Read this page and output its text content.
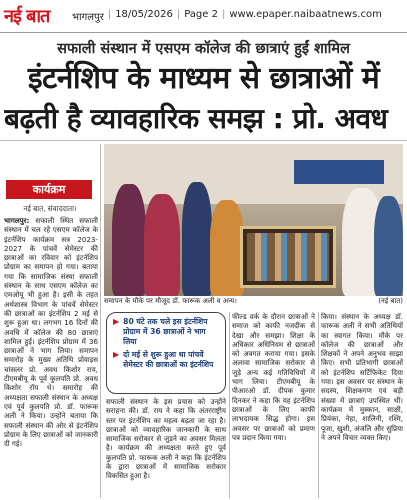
नई बात भागलपुर | 18/05/2026 | Page 2 | www.epaper.naibaatnews.com
सफाली संस्थान में एसएम कॉलेज की छात्राएं हुईं शामिल
इंटर्नशिप के माध्यम से छात्राओं में
बढ़ती है व्यावहारिक समझ : प्रो. अवध
कार्यक्रम
नई बात, संवाददाता।
भागलपुर: सफाली स्थित सफाली संस्थान में चल रहे एसएम कॉलेज के इंटर्नशिप कार्यक्रम सत्र 2023-2027 के पांचवें सेमेस्टर की छात्राओं का रविवार को इंटर्नशिप प्रोग्राम का समापन हो गया। बताया गया कि सामाजिक संस्था सफाली संस्थान के साथ एसएम कॉलेज का एमओयू भी हुआ है। इसी के तहत अर्थशास्त्र विभाग के पांचवें सेमेस्टर की छात्राओं का इंटर्नशिप 2 मई से शुरू हुआ था। लगभग 16 दिनों की अवधि में कॉलेज की 80 छात्राएं शामिल हुईं। इंटर्नशिप प्रोग्राम में 36 छात्राओं ने भाग लिया। समापन समारोह के मुख्य अतिथि प्रोवाइस चांसलर प्रो. अवध किशोर राय, टीएमबीयू के पूर्व कुलपति प्रो. अवध किशोर रॉय थे। समारोह की अध्यक्षता सफाली संस्थान के अध्यक्ष एवं पूर्व कुलपति प्रो. डॉ. फारूक अली ने किया। उन्होंने बताया कि सफाली संस्थान की ओर से इंटर्नशिप प्रोग्राम के लिए छात्राओं को जानकारी दी गई।
समापन के मौके पर मौजूद डॉ. फारूक अली व अन्य।	(नई बात)
▶ 80 घंटे तक चले इस इंटर्नशिप प्रोग्राम में 36 छात्राओं ने भाग लिया
▶ दो मई से शुरू हुआ था पांचवें सेमेस्टर की छात्राओं का इंटर्नशिप
सफाली संस्थान के इस प्रयास को उन्होंने सराहना की। डॉ. राय ने कहा कि अंतरराष्ट्रीय स्तर पर इंटर्नशिप का महत्व बढ़ता जा रहा है। छात्राओं को व्यावहारिक जानकारी के साथ सामाजिक सरोकार से जुड़ने का अवसर मिलता है। कार्यक्रम की अध्यक्षता करते हुए पूर्व कुलपति प्रो. फारूक अली ने कहा कि इंटर्नशिप के द्वारा छात्राओं में सामाजिक सरोकार विकसित हुआ है।
फील्ड वर्क के दौरान छात्राओं ने समाज को काफी नजदीक से देखा और समझा। शिक्षा के अधिकार अधिनियम से छात्राओं को अवगत कराया गया। इसके अलावा सामाजिक सरोकार से जुड़े अन्य कई गतिविधियों में भाग लिया। टीएमबीयू के पीआरओ डॉ. दीपक कुमार दिनकर ने कहा कि यह इंटर्नशिप छात्राओं के लिए काफी लाभदायक सिद्ध होगा। इस अवसर पर छात्राओं को प्रमाण पत्र प्रदान किया गया।
किया। संस्थान के अध्यक्ष डॉ. फारूक अली ने सभी अतिथियों का स्वागत किया। मौके पर कॉलेज की छात्राओं और शिक्षकों ने अपने अनुभव साझा किए। सभी प्रतिभागी छात्राओं को इंटर्नशिप सर्टिफिकेट दिया गया। इस अवसर पर संस्थान के सदस्य, शिक्षकगण एवं बड़ी संख्या में छात्राएं उपस्थित थीं। कार्यक्रम में मुस्कान, साक्षी, प्रियंका, नेहा, शालिनी, रश्मि, पूजा, खुशी, अंजलि और सुप्रिया ने अपने विचार व्यक्त किए।
